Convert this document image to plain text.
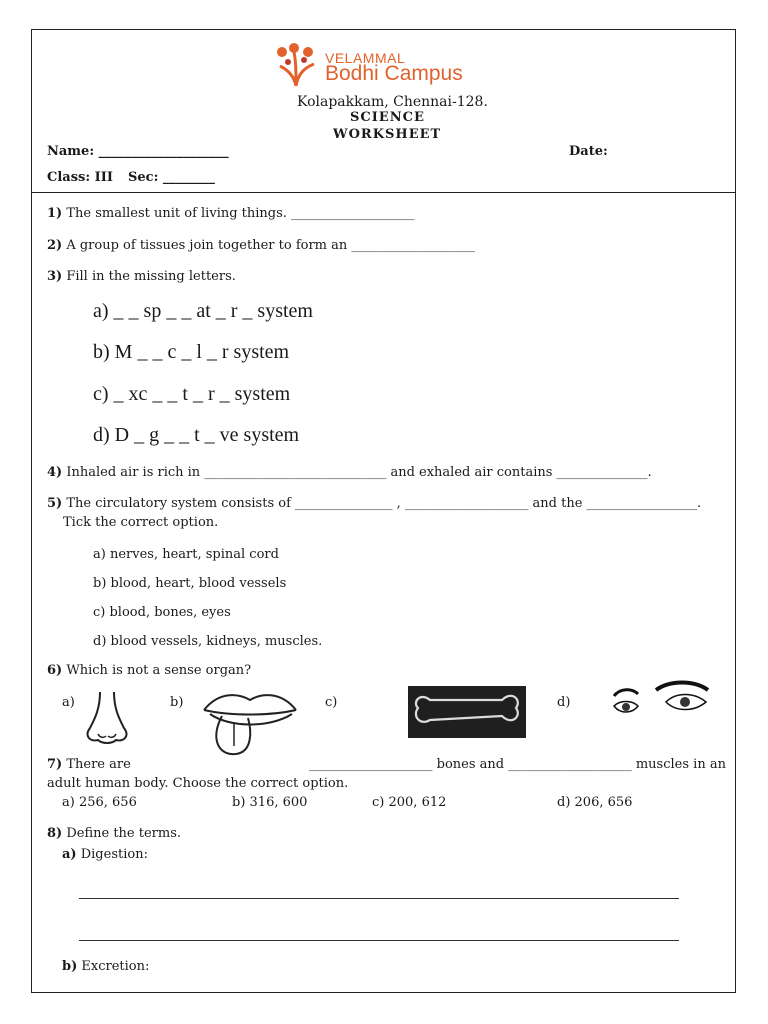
VELAMMAL
Bodhi Campus
Kolapakkam, Chennai-128.
SCIENCE
WORKSHEET
Name: ____________________	Date:
Class: III Sec: ________
1) The smallest unit of living things. ___________________
2) A group of tissues join together to form an ___________________
3) Fill in the missing letters.
a) _ _ sp _ _ at _ r _ system
b) M _ _ c _ l _ r system
c) _ xc _ _ t _ r _ system
d) D _ g _ _ t _ ve system
4) Inhaled air is rich in ____________________________ and exhaled air contains ______________.
5) The circulatory system consists of _______________ , ___________________ and the _________________.
Tick the correct option.
a) nerves, heart, spinal cord
b) blood, heart, blood vessels
c) blood, bones, eyes
d) blood vessels, kidneys, muscles.
6) Which is not a sense organ?
a)	b)	c)	d)
7) There are	___________________ bones and ___________________ muscles in an
adult human body. Choose the correct option.
a) 256, 656	b) 316, 600	c) 200, 612	d) 206, 656
8) Define the terms.
a) Digestion:
b) Excretion:
